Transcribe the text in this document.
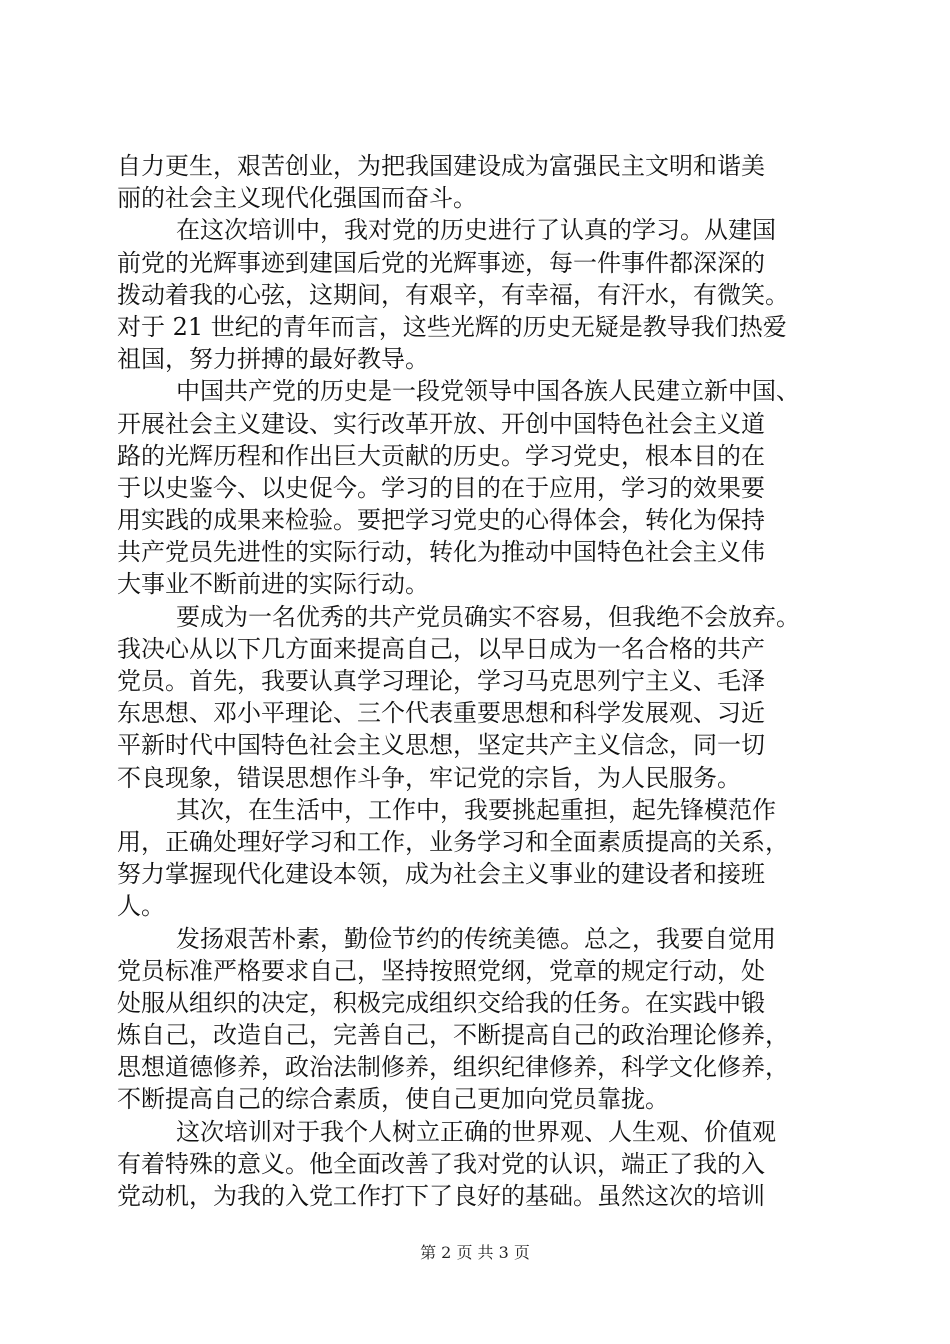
自力更生，艰苦创业，为把我国建设成为富强民主文明和谐美
丽的社会主义现代化强国而奋斗。
在这次培训中，我对党的历史进行了认真的学习。从建国
前党的光辉事迹到建国后党的光辉事迹，每一件事件都深深的
拨动着我的心弦，这期间，有艰辛，有幸福，有汗水，有微笑。
对于 21 世纪的青年而言，这些光辉的历史无疑是教导我们热爱
祖国，努力拼搏的最好教导。
中国共产党的历史是一段党领导中国各族人民建立新中国、
开展社会主义建设、实行改革开放、开创中国特色社会主义道
路的光辉历程和作出巨大贡献的历史。学习党史，根本目的在
于以史鉴今、以史促今。学习的目的在于应用，学习的效果要
用实践的成果来检验。要把学习党史的心得体会，转化为保持
共产党员先进性的实际行动，转化为推动中国特色社会主义伟
大事业不断前进的实际行动。
要成为一名优秀的共产党员确实不容易，但我绝不会放弃。
我决心从以下几方面来提高自己，以早日成为一名合格的共产
党员。首先，我要认真学习理论，学习马克思列宁主义、毛泽
东思想、邓小平理论、三个代表重要思想和科学发展观、习近
平新时代中国特色社会主义思想，坚定共产主义信念，同一切
不良现象，错误思想作斗争，牢记党的宗旨，为人民服务。
其次，在生活中，工作中，我要挑起重担，起先锋模范作
用，正确处理好学习和工作，业务学习和全面素质提高的关系，
努力掌握现代化建设本领，成为社会主义事业的建设者和接班
人。
发扬艰苦朴素，勤俭节约的传统美德。总之，我要自觉用
党员标准严格要求自己，坚持按照党纲，党章的规定行动，处
处服从组织的决定，积极完成组织交给我的任务。在实践中锻
炼自己，改造自己，完善自己，不断提高自己的政治理论修养，
思想道德修养，政治法制修养，组织纪律修养，科学文化修养，
不断提高自己的综合素质，使自己更加向党员靠拢。
这次培训对于我个人树立正确的世界观、人生观、价值观
有着特殊的意义。他全面改善了我对党的认识，端正了我的入
党动机，为我的入党工作打下了良好的基础。虽然这次的培训
第 2 页 共 3 页
